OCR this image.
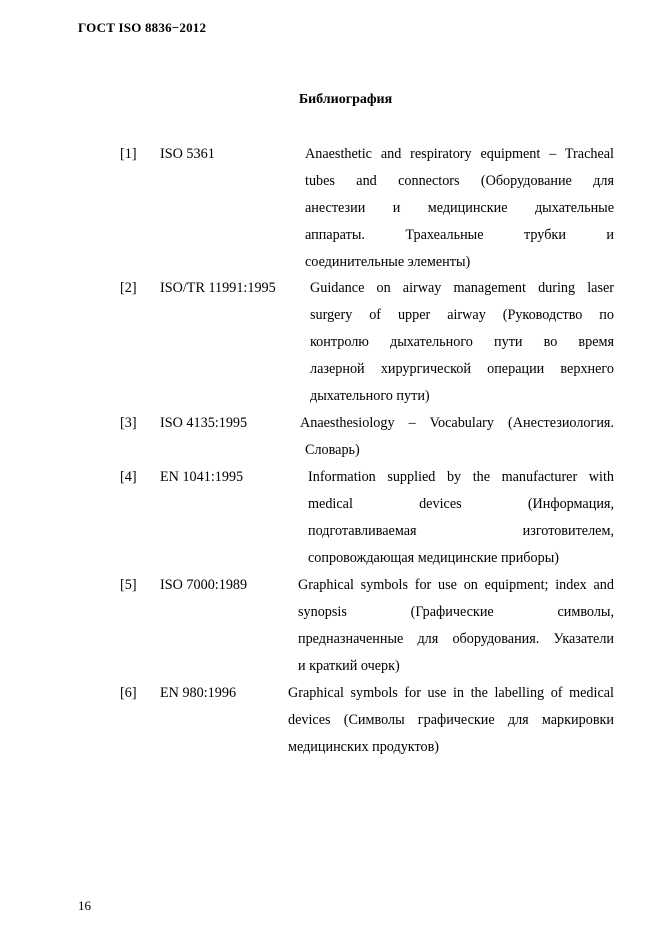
ГОСТ ISO 8836−2012
Библиография
[1] ISO 5361	Anaesthetic and respiratory equipment – Tracheal
tubes and connectors (Оборудование для
анестезии и медицинские дыхательные
аппараты. Трахеальные трубки и
соединительные элементы)
[2] ISO/TR 11991:1995 Guidance on airway management during laser
surgery of upper airway (Руководство по
контролю дыхательного пути во время
лазерной хирургической операции верхнего
дыхательного пути)
[3] ISO 4135:1995	Anaesthesiology – Vocabulary (Анестезиология.
Словарь)
[4] EN 1041:1995	Information supplied by the manufacturer with
medical devices (Информация,
подготавливаемая изготовителем,
сопровождающая медицинские приборы)
[5] ISO 7000:1989	Graphical symbols for use on equipment; index and
synopsis (Графические символы,
предназначенные для оборудования. Указатели
и краткий очерк)
[6] EN 980:1996	Graphical symbols for use in the labelling of medical
devices (Символы графические для маркировки
медицинских продуктов)
16
